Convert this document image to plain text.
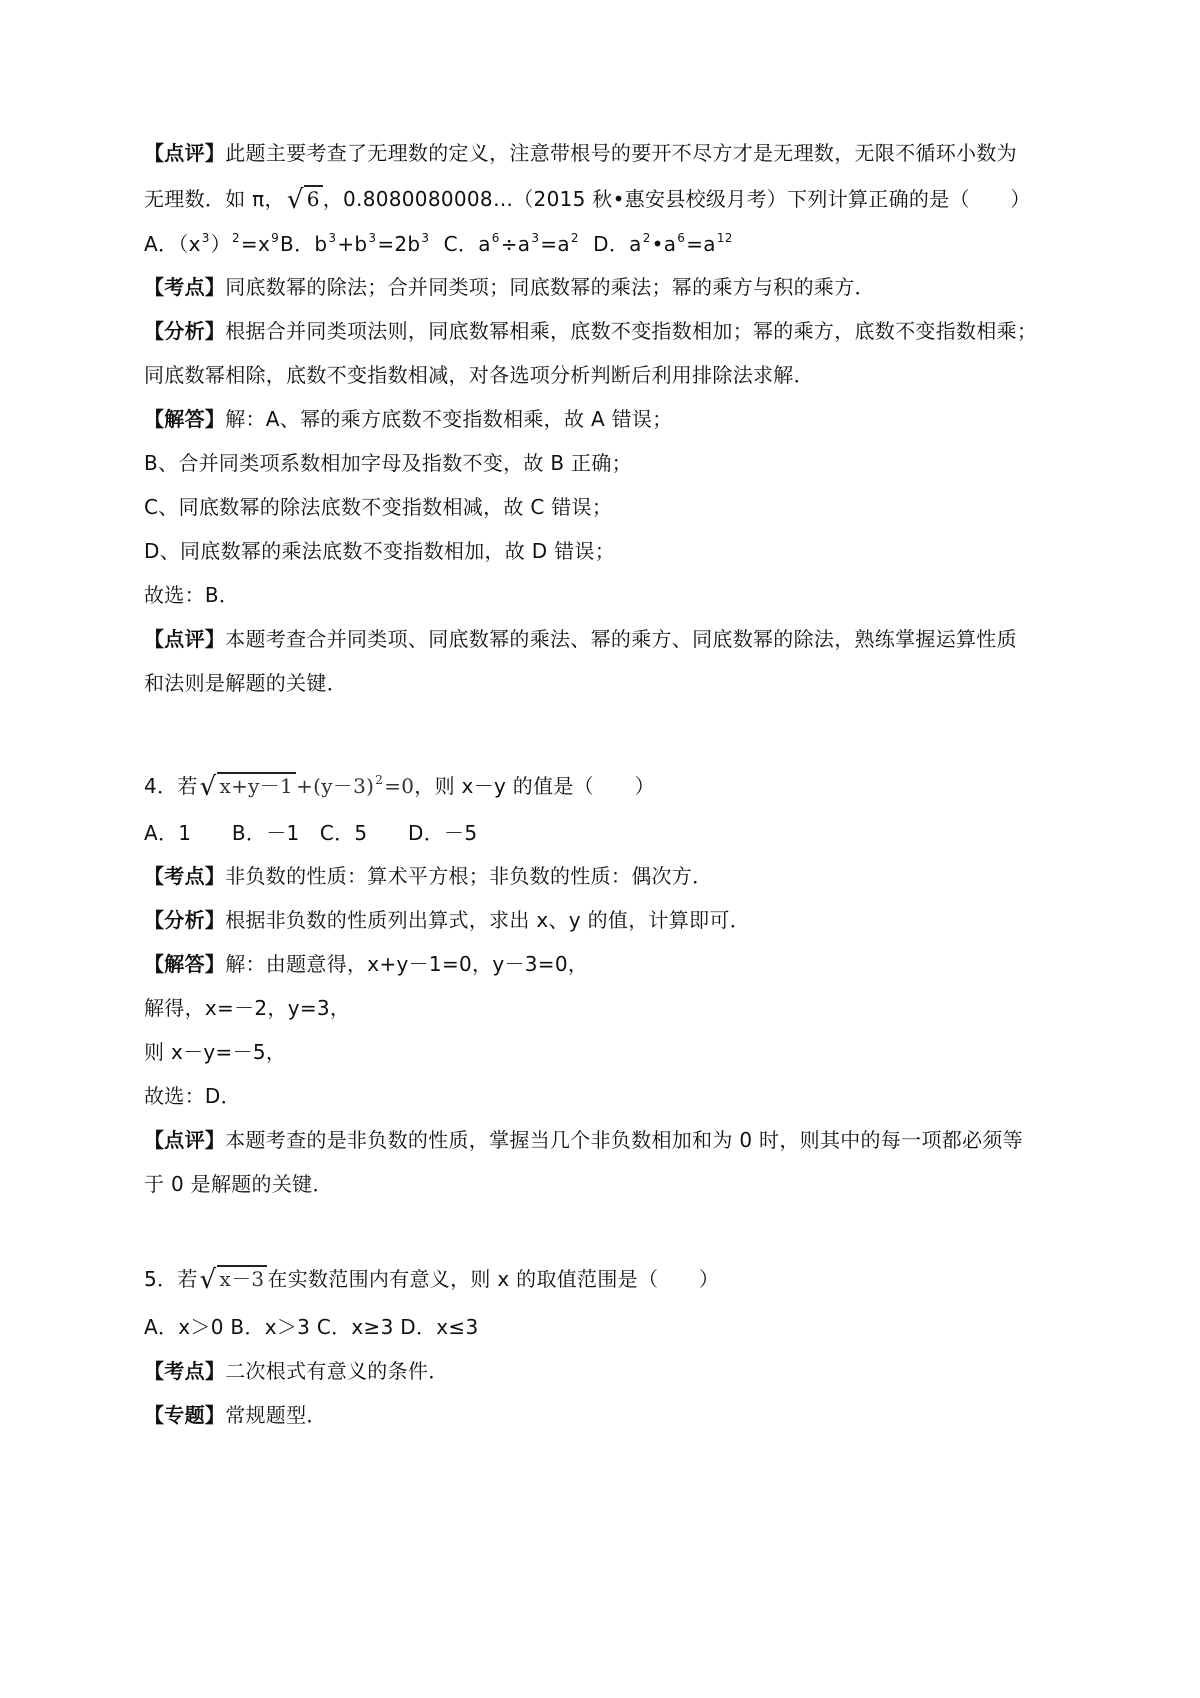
【点评】此题主要考查了无理数的定义，注意带根号的要开不尽方才是无理数，无限不循环小数为
无理数．如 π，√ 6 ，0.8080080008…（2015 秋•惠安县校级月考）下列计算正确的是（　　）
A．$(x^3)^2=x^9B$．$b^3+b^3=2b^3$  C．$a^6\div a^3=a^2$  D．$a^2•a^6=a^{12}$
【考点】同底数幂的除法；合并同类项；同底数幂的乘法；幂的乘方与积的乘方．
【分析】根据合并同类项法则，同底数幂相乘，底数不变指数相加；幂的乘方，底数不变指数相乘；
同底数幂相除，底数不变指数相减，对各选项分析判断后利用排除法求解．
【解答】解：A、幂的乘方底数不变指数相乘，故 A 错误；
B、合并同类项系数相加字母及指数不变，故 B 正确；
C、同底数幂的除法底数不变指数相减，故 C 错误；
D、同底数幂的乘法底数不变指数相加，故 D 错误；
故选：B．
【点评】本题考查合并同类项、同底数幂的乘法、幂的乘方、同底数幂的除法，熟练掌握运算性质
和法则是解题的关键．
4．若√ $x+y-1 +(y-3)^2=0$，则 x－y 的值是（　　）
A．1　　B．－1　C．5　　D．－5
【考点】非负数的性质：算术平方根；非负数的性质：偶次方．
【分析】根据非负数的性质列出算式，求出 x、y 的值，计算即可．
【解答】解：由题意得，x+y－1=0，y－3=0，
解得，x=－2，y=3，
则 x－y=－5，
故选：D．
【点评】本题考查的是非负数的性质，掌握当几个非负数相加和为 0 时，则其中的每一项都必须等
于 0 是解题的关键．
5．若√ x－3 在实数范围内有意义，则 x 的取值范围是（　　）
A．x＞0 B．x＞3 C．x≥3 D．x≤3
【考点】二次根式有意义的条件．
【专题】常规题型．
